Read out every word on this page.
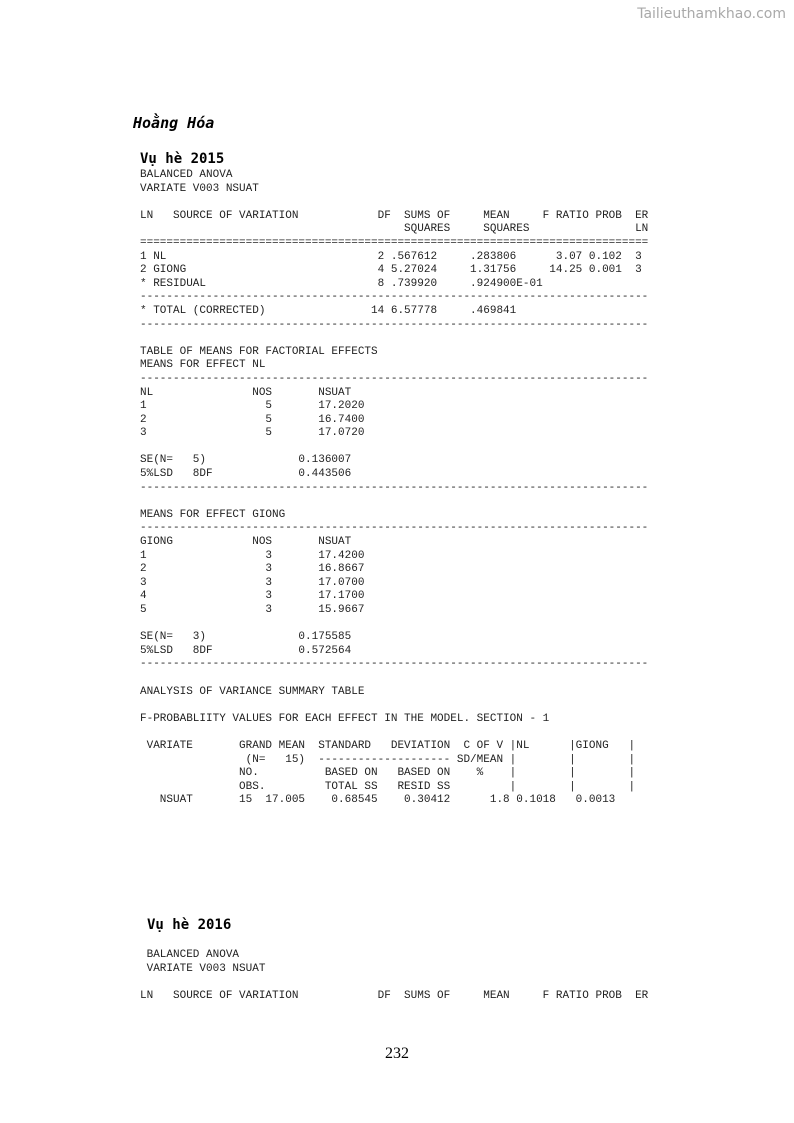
Tailieuthamkhao.com
Hoằng Hóa
Vụ hè 2015
BALANCED ANOVA
VARIATE V003 NSUAT

LN   SOURCE OF VARIATION            DF  SUMS OF     MEAN     F RATIO PROB  ER
SQUARES     SQUARES                LN
=============================================================================
1 NL                                2 .567612     .283806      3.07 0.102  3
2 GIONG                             4 5.27024     1.31756     14.25 0.001  3
* RESIDUAL                          8 .739920     .924900E-01
-----------------------------------------------------------------------------
* TOTAL (CORRECTED)                14 6.57778     .469841
-----------------------------------------------------------------------------

TABLE OF MEANS FOR FACTORIAL EFFECTS
MEANS FOR EFFECT NL
-----------------------------------------------------------------------------
NL               NOS       NSUAT
1                  5       17.2020
2                  5       16.7400
3                  5       17.0720

SE(N=   5)              0.136007
5%LSD   8DF             0.443506
-----------------------------------------------------------------------------

MEANS FOR EFFECT GIONG
-----------------------------------------------------------------------------
GIONG            NOS       NSUAT
1                  3       17.4200
2                  3       16.8667
3                  3       17.0700
4                  3       17.1700
5                  3       15.9667

SE(N=   3)              0.175585
5%LSD   8DF             0.572564
-----------------------------------------------------------------------------

ANALYSIS OF VARIANCE SUMMARY TABLE

F-PROBABLIITY VALUES FOR EACH EFFECT IN THE MODEL. SECTION - 1

VARIATE       GRAND MEAN  STANDARD   DEVIATION  C OF V |NL      |GIONG   |
(N=   15)  -------------------- SD/MEAN |        |        |
NO.          BASED ON   BASED ON    %    |        |        |
OBS.         TOTAL SS   RESID SS         |        |        |
NSUAT       15  17.005    0.68545    0.30412      1.8 0.1018   0.0013
Vụ hè 2016
BALANCED ANOVA
VARIATE V003 NSUAT

LN   SOURCE OF VARIATION            DF  SUMS OF     MEAN     F RATIO PROB  ER
232
